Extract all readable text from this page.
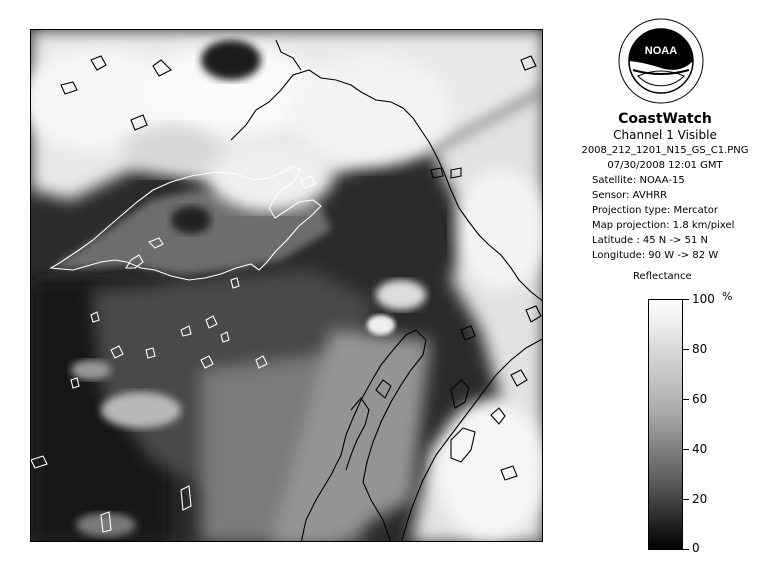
NOAA
CoastWatch
Channel 1 Visible
2008_212_1201_N15_GS_C1.PNG
07/30/2008 12:01 GMT
Satellite: NOAA-15
Sensor: AVHRR
Projection type: Mercator
Map projection: 1.8 km/pixel
Latitude : 45 N -> 51 N
Longitude: 90 W -> 82 W
Reflectance
%
100
80
60
40
20
0
